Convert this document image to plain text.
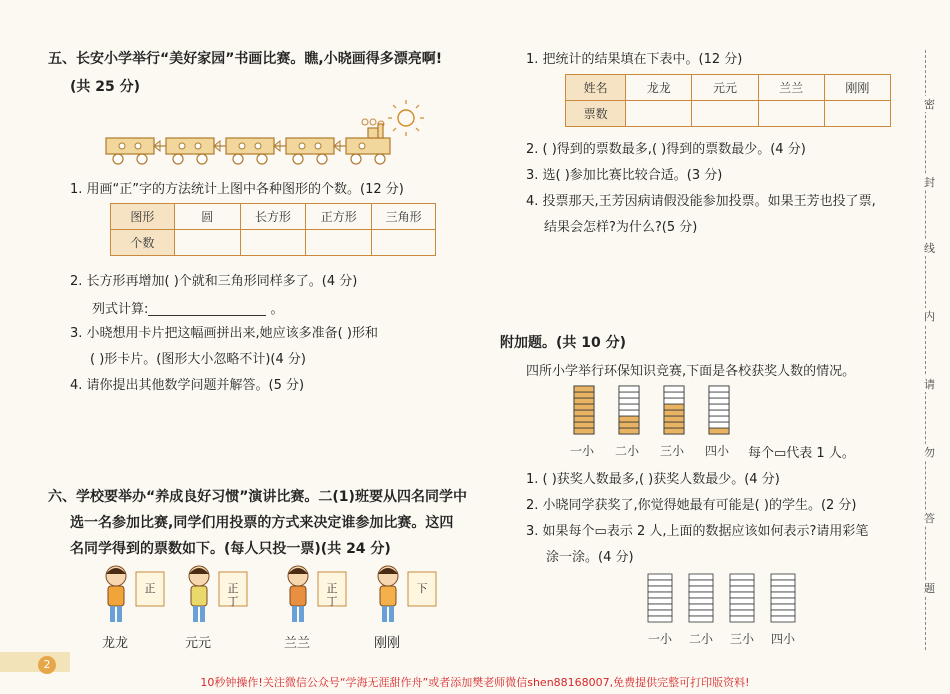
五、长安小学举行“美好家园”书画比赛。瞧,小晓画得多漂亮啊!
(共 25 分)
1. 用画“正”字的方法统计上图中各种图形的个数。(12 分)
图形	圆	长方形	正方形	三角形
个数				
2. 长方形再增加( )个就和三角形同样多了。(4 分)
列式计算:	。
3. 小晓想用卡片把这幅画拼出来,她应该多准备( )形和
( )形卡片。(图形大小忽略不计)(4 分)
4. 请你提出其他数学问题并解答。(5 分)
六、学校要举办“养成良好习惯”演讲比赛。二(1)班要从四名同学中
选一名参加比赛,同学们用投票的方式来决定谁参加比赛。这四
名同学得到的票数如下。(每人只投一票)(共 24 分)
正
龙龙
正 丁
元元
正 丁
兰兰
下
刚刚
2
1. 把统计的结果填在下表中。(12 分)
姓名	龙龙	元元	兰兰	刚刚
票数				
2. ( )得到的票数最多,( )得到的票数最少。(4 分)
3. 选( )参加比赛比较合适。(3 分)
4. 投票那天,王芳因病请假没能参加投票。如果王芳也投了票,
结果会怎样?为什么?(5 分)
附加题。(共 10 分)
四所小学举行环保知识竞赛,下面是各校获奖人数的情况。
一小 二小 三小 四小 每个▭代表 1 人。
1. ( )获奖人数最多,( )获奖人数最少。(4 分)
2. 小晓同学获奖了,你觉得她最有可能是( )的学生。(2 分)
3. 如果每个▭表示 2 人,上面的数据应该如何表示?请用彩笔
涂一涂。(4 分)
一小 二小 三小 四小
密
封
线
内
请
勿
答
题
10秒钟操作!关注微信公众号“学海无涯甜作舟”或者添加樊老师微信shen88168007,免费提供完整可打印版资料!
